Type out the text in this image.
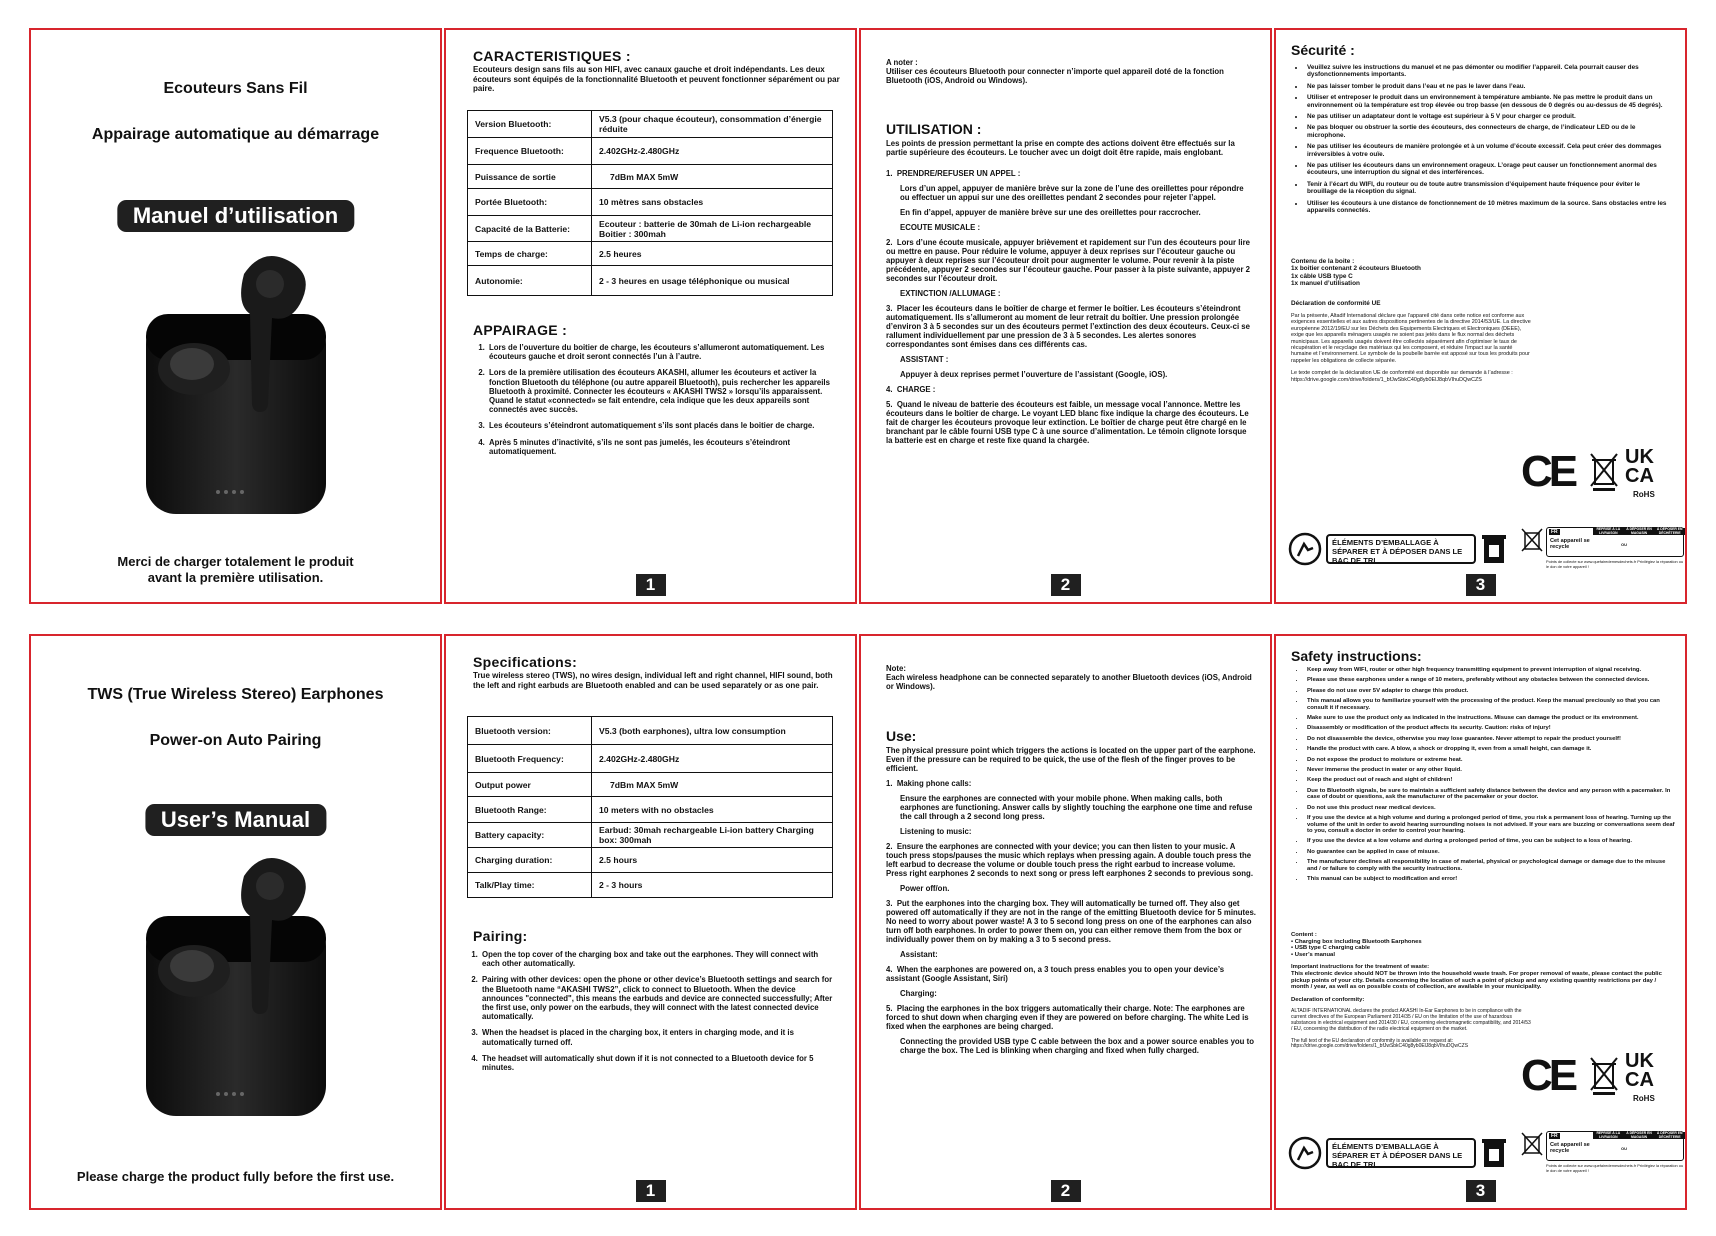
Ecouteurs Sans Fil
Appairage automatique au démarrage
Manuel d’utilisation
Merci de charger totalement le produit avant la première utilisation.
CARACTERISTIQUES :
Ecouteurs design sans fils au son HIFI, avec canaux gauche et droit indépendants. Les deux écouteurs sont équipés de la fonctionnalité Bluetooth et peuvent fonctionner séparément ou par paire.
Version Bluetooth:	V5.3 (pour chaque écouteur), consommation d’énergie réduite
Frequence Bluetooth:	2.402GHz-2.480GHz
Puissance de sortie	7dBm MAX 5mW
Portée Bluetooth:	10 mètres sans obstacles
Capacité de la Batterie:	Ecouteur : batterie de 30mah de Li-ion rechargeable Boitier : 300mah
Temps de charge:	2.5 heures
Autonomie:	2 - 3 heures en usage téléphonique ou musical
APPAIRAGE :
1. Lors de l’ouverture du boitier de charge, les écouteurs s’allumeront automatiquement. Les écouteurs gauche et droit seront connectés l’un à l’autre.
2. Lors de la première utilisation des écouteurs AKASHI, allumer les écouteurs et activer la fonction Bluetooth du téléphone (ou autre appareil Bluetooth), puis rechercher les appareils Bluetooth à proximité. Connecter les écouteurs « AKASHI TWS2 » lorsqu’ils apparaissent. Quand le statut «connected» se fait entendre, cela indique que les deux appareils sont connectés avec succès.
3. Les écouteurs s’éteindront automatiquement s’ils sont placés dans le boitier de charge.
4. Après 5 minutes d’inactivité, s’ils ne sont pas jumelés, les écouteurs s’éteindront automatiquement.
1

A noter :
Utiliser ces écouteurs Bluetooth pour connecter n’importe quel appareil doté de la fonction Bluetooth (iOS, Android ou Windows).

UTILISATION :

Les points de pression permettant la prise en compte des actions doivent être effectués sur la partie supérieure des écouteurs. Le toucher avec un doigt doit être rapide, mais englobant.

1.  PRENDRE/REFUSER UN APPEL :

Lors d’un appel, appuyer de manière brève sur la zone de l’une des oreillettes pour répondre ou effectuer un appui sur une des oreillettes pendant 2 secondes pour rejeter l’appel.

En fin d’appel, appuyer de manière brève sur une des oreillettes pour raccrocher.

ECOUTE MUSICALE :

2.  Lors d’une écoute musicale, appuyer brièvement et rapidement sur l’un des écouteurs pour lire ou mettre en pause. Pour réduire le volume, appuyer à deux reprises sur l’écouteur gauche ou appuyer à deux reprises sur l’écouteur droit pour augmenter le volume. Pour revenir à la piste précédente, appuyer 2 secondes sur l’écouteur gauche. Pour passer à la piste suivante, appuyer 2 secondes sur l’écouteur droit.

EXTINCTION /ALLUMAGE :

3.  Placer les écouteurs dans le boîtier de charge et fermer le boîtier. Les écouteurs s’éteindront automatiquement. Ils s’allumeront au moment de leur retrait du boîtier. Une pression prolongée d’environ 3 à 5 secondes sur un des écouteurs permet l’extinction des deux écouteurs. Ceux-ci se rallument individuellement par une pression de 3 à 5 secondes. Les alertes sonores correspondantes sont émises dans ces différents cas.

ASSISTANT :

Appuyer à deux reprises permet l’ouverture de l’assistant (Google, iOS).

4.  CHARGE :

5.  Quand le niveau de batterie des écouteurs est faible, un message vocal l’annonce. Mettre les écouteurs dans le boîtier de charge. Le voyant LED blanc fixe indique la charge des écouteurs. Le fait de charger les écouteurs provoque leur extinction. Le boîtier de charge peut être chargé en le branchant par le câble fourni USB type C à une source d’alimentation. Le témoin clignote lorsque la batterie est en charge et reste fixe quand la chargée.

2
Sécurité :
• Veuillez suivre les instructions du manuel et ne pas démonter ou modifier l’appareil. Cela pourrait causer des dysfonctionnements importants.
• Ne pas laisser tomber le produit dans l’eau et ne pas le laver dans l’eau.
• Utiliser et entreposer le produit dans un environnement à température ambiante. Ne pas mettre le produit dans un environnement où la température est trop élevée ou trop basse (en dessous de 0 degrés ou au-dessus de 45 degrés).
• Ne pas utiliser un adaptateur dont le voltage est supérieur à 5 V pour charger ce produit.
• Ne pas bloquer ou obstruer la sortie des écouteurs, des connecteurs de charge, de l’indicateur LED ou de le microphone.
• Ne pas utiliser les écouteurs de manière prolongée et à un volume d’écoute excessif. Cela peut créer des dommages irréversibles à votre ouïe.
• Ne pas utiliser les écouteurs dans un environnement orageux. L’orage peut causer un fonctionnement anormal des écouteurs, une interruption du signal et des interférences.
• Tenir à l’écart du WIFI, du routeur ou de toute autre transmission d’équipement haute fréquence pour éviter le brouillage de la réception du signal.
• Utiliser les écouteurs à une distance de fonctionnement de 10 mètres maximum de la source. Sans obstacles entre les appareils connectés.

Contenu de la boite :
1x boitier contenant 2 écouteurs Bluetooth
1x câble USB type C
1x manuel d’utilisation

Déclaration de conformité UE

Par la présente, Altadif International déclare que l’appareil cité dans cette notice est conforme aux exigences essentielles et aux autres dispositions pertinentes de la directive 2014/53/UE. La directive européenne 2012/19/EU sur les Déchets des Equipements Electriques et Electroniques (DEEE), exige que les appareils ménagers usagés ne soient pas jetés dans le flux normal des déchets municipaux. Les appareils usagés doivent être collectés séparément afin d’optimiser le taux de récupération et le recyclage des matériaux qui les composent, et réduire l’impact sur la santé humaine et l’environnement. Le symbole de la poubelle barrée est apposé sur tous les produits pour rappeler les obligations de collecte séparée.

Le texte complet de la déclaration UE de conformité est disponible sur demande à l’adresse : https://drive.google.com/drive/folders/1_bfJwSbkC40g8yb0ElJ8qbVIhuDQwCZS

CE	UK CA
RoHS
ÉLÉMENTS D’EMBALLAGE À SÉPARER ET À DÉPOSER DANS LE BAC DE TRI
FR
Cet appareil se recycle
REPRISE À LA LIVRAISON
À DÉPOSER EN MAGASIN
À DÉPOSER EN DÉCHÈTERIE
OU
Points de collecte sur www.quefairedemesdechets.fr Privilégiez la réparation ou le don de votre appareil !
3
TWS (True Wireless Stereo) Earphones
Power-on Auto Pairing
User’s Manual
Please charge the product fully before the first use.
Specifications:
True wireless stereo (TWS), no wires design, individual left and right channel, HIFI sound, both the left and right earbuds are Bluetooth enabled and can be used separately or as one pair.
Bluetooth version:	V5.3 (both earphones), ultra low consumption
Bluetooth Frequency:	2.402GHz-2.480GHz
Output power	7dBm MAX 5mW
Bluetooth Range:	10 meters with no obstacles
Battery capacity:	Earbud: 30mah rechargeable Li-ion battery Charging box: 300mah
Charging duration:	2.5 hours
Talk/Play time:	2 - 3 hours
Pairing:
1. Open the top cover of the charging box and take out the earphones. They will connect with each other automatically.
2. Pairing with other devices: open the phone or other device’s Bluetooth settings and search for the Bluetooth name “AKASHI TWS2”, click to connect to Bluetooth. When the device announces "connected", this means the earbuds and device are connected successfully; After the first use, only power on the earbuds, they will connect with the latest connected device automatically.
3. When the headset is placed in the charging box, it enters in charging mode, and it is automatically turned off.
4. The headset will automatically shut down if it is not connected to a Bluetooth device for 5 minutes.
1

Note:
Each wireless headphone can be connected separately to another Bluetooth devices (iOS, Android or Windows).

Use:

The physical pressure point which triggers the actions is located on the upper part of the earphone. Even if the pressure can be required to be quick, the use of the flesh of the finger proves to be efficient.

1.  Making phone calls:

Ensure the earphones are connected with your mobile phone. When making calls, both earphones are functioning. Answer calls by slightly touching the earphone one time and refuse the call through a 2 second long press.

Listening to music:

2.  Ensure the earphones are connected with your device; you can then listen to your music. A touch press stops/pauses the music which replays when pressing again. A double touch press the left earbud to decrease the volume or double touch press the right earbud to increase volume. Press right earphones 2 seconds to next song or press left earphones 2 seconds to previous song.

Power off/on.

3.  Put the earphones into the charging box. They will automatically be turned off. They also get powered off automatically if they are not in the range of the emitting Bluetooth device for 5 minutes. No need to worry about power waste! A 3 to 5 second long press on one of the earphones can also turn off both earphones. In order to power them on, you can either remove them from the box or individually power them on by making a 3 to 5 second press.

Assistant:

4.  When the earphones are powered on, a 3 touch press enables you to open your device’s assistant (Google Assistant, Siri)

Charging:

5.  Placing the earphones in the box triggers automatically their charge. Note: The earphones are forced to shut down when charging even if they are powered on before charging. The white Led is fixed when the earphones are being charged.

Connecting the provided USB type C cable between the box and a power source enables you to charge the box. The Led is blinking when charging and fixed when fully charged.

2
Safety instructions:
• Keep away from WIFI, router or other high frequency transmitting equipment to prevent interruption of signal receiving.
• Please use these earphones under a range of 10 meters, preferably without any obstacles between the connected devices.
• Please do not use over 5V adapter to charge this product.
• This manual allows you to familiarize yourself with the processing of the product. Keep the manual preciously so that you can consult it if necessary.
• Make sure to use the product only as indicated in the instructions. Misuse can damage the product or its environment.
• Disassembly or modification of the product affects its security. Caution: risks of injury!
• Do not disassemble the device, otherwise you may lose guarantee. Never attempt to repair the product yourself!
• Handle the product with care. A blow, a shock or dropping it, even from a small height, can damage it.
• Do not expose the product to moisture or extreme heat.
• Never immerse the product in water or any other liquid.
• Keep the product out of reach and sight of children!
• Due to Bluetooth signals, be sure to maintain a sufficient safety distance between the device and any person with a pacemaker. In case of doubt or questions, ask the manufacturer of the pacemaker or your doctor.
• Do not use this product near medical devices.
• If you use the device at a high volume and during a prolonged period of time, you risk a permanent loss of hearing. Turning up the volume of the unit in order to avoid hearing surrounding noises is not advised. If your ears are buzzing or conversations seem deaf to you, consult a doctor in order to control your hearing.
• If you use the device at a low volume and during a prolonged period of time, you can be subject to a loss of hearing.
• No guarantee can be applied in case of misuse.
• The manufacturer declines all responsibility in case of material, physical or psychological damage or damage due to the misuse and / or failure to comply with the security instructions.
• This manual can be subject to modification and error!

Content :
• Charging box including Bluetooth Earphones
• USB type C charging cable
• User’s manual

Important instructions for the treatment of waste:
This electronic device should NOT be thrown into the household waste trash. For proper removal of waste, please contact the public pickup points of your city. Details concerning the location of such a point of pickup and any existing quantity restrictions per day / month / year, as well as on possible costs of collection, are available in your municipality.

Declaration of conformity:

ALTADIF INTERNATIONAL declares the product AKASHI In-Ear Earphones to be in compliance with the current directives of the European Parliament 2014/35 / EU on the limitation of the use of hazardous substances in electrical equipment and 2014/30 / EU, concerning electromagnetic compatibility, and 2014/53 / EU, concerning the distribution of the radio electrical equipment on the market.

The full text of the EU declaration of conformity is available on request at: https://drive.google.com/drive/folders/1_bfJwSbkC40g8yb0ElJ8qbVIhuDQwCZS

CE	UK CA
RoHS
ÉLÉMENTS D’EMBALLAGE À SÉPARER ET À DÉPOSER DANS LE BAC DE TRI
FR
Cet appareil se recycle
REPRISE À LA LIVRAISON
À DÉPOSER EN MAGASIN
À DÉPOSER EN DÉCHÈTERIE
OU
Points de collecte sur www.quefairedemesdechets.fr Privilégiez la réparation ou le don de votre appareil !
3
